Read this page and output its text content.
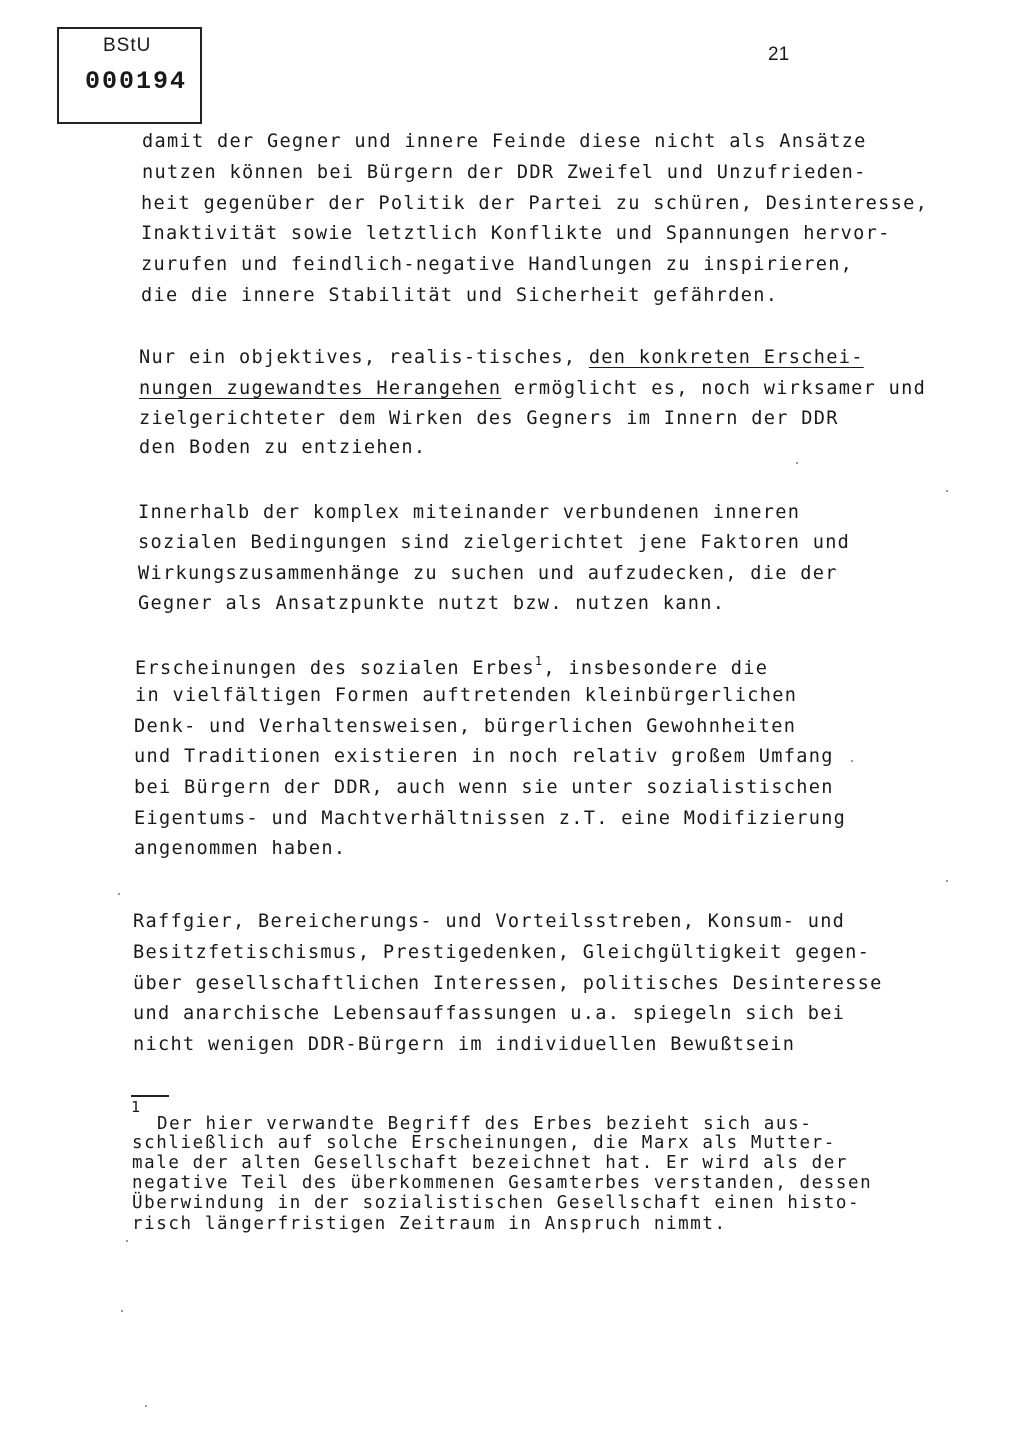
BStU
000194
21
damit der Gegner und innere Feinde diese nicht als Ansätze
nutzen können bei Bürgern der DDR Zweifel und Unzufrieden-
heit gegenüber der Politik der Partei zu schüren, Desinteresse,
Inaktivität sowie letztlich Konflikte und Spannungen hervor-
zurufen und feindlich-negative Handlungen zu inspirieren,
die die innere Stabilität und Sicherheit gefährden.
Nur ein objektives, realis-tisches, den konkreten Erschei-
nungen zugewandtes Herangehen ermöglicht es, noch wirksamer und
zielgerichteter dem Wirken des Gegners im Innern der DDR
den Boden zu entziehen.
Innerhalb der komplex miteinander verbundenen inneren
sozialen Bedingungen sind zielgerichtet jene Faktoren und
Wirkungszusammenhänge zu suchen und aufzudecken, die der
Gegner als Ansatzpunkte nutzt bzw. nutzen kann.
Erscheinungen des sozialen Erbes$^1$, insbesondere die
in vielfältigen Formen auftretenden kleinbürgerlichen
Denk- und Verhaltensweisen, bürgerlichen Gewohnheiten
und Traditionen existieren in noch relativ großem Umfang
bei Bürgern der DDR, auch wenn sie unter sozialistischen
Eigentums- und Machtverhältnissen z.T. eine Modifizierung
angenommen haben.
Raffgier, Bereicherungs- und Vorteilsstreben, Konsum- und
Besitzfetischismus, Prestigedenken, Gleichgültigkeit gegen-
über gesellschaftlichen Interessen, politisches Desinteresse
und anarchische Lebensauffassungen u.a. spiegeln sich bei
nicht wenigen DDR-Bürgern im individuellen Bewußtsein
1
Der hier verwandte Begriff des Erbes bezieht sich aus-
schließlich auf solche Erscheinungen, die Marx als Mutter-
male der alten Gesellschaft bezeichnet hat. Er wird als der
negative Teil des überkommenen Gesamterbes verstanden, dessen
Überwindung in der sozialistischen Gesellschaft einen histo-
risch längerfristigen Zeitraum in Anspruch nimmt.
